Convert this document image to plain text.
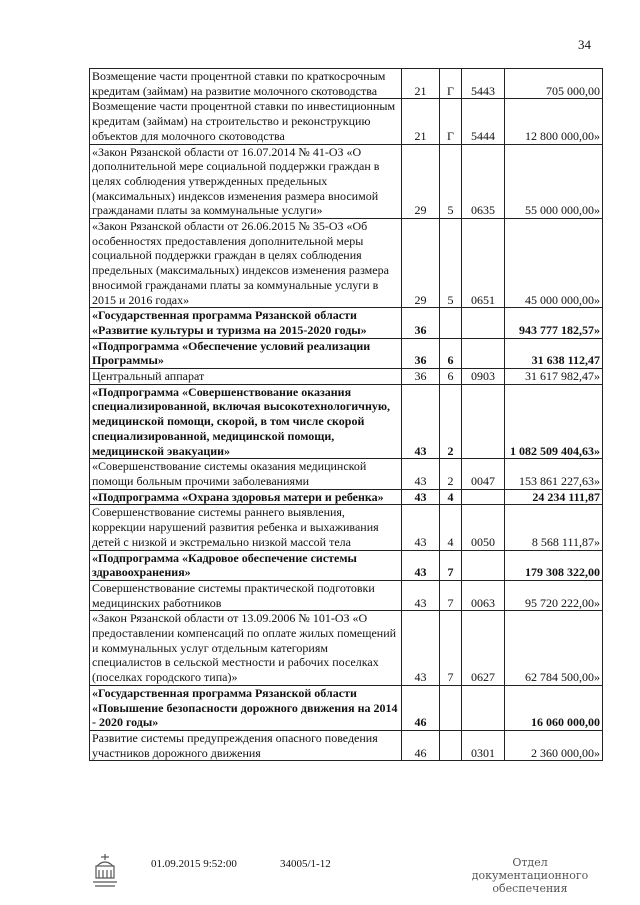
34
Возмещение части процентной ставки по краткосрочным кредитам (займам) на развитие молочного скотоводства	21	Г	5443	705 000,00
Возмещение части процентной ставки по инвестиционным кредитам (займам) на строительство и реконструкцию объектов для молочного скотоводства	21	Г	5444	12 800 000,00»
«Закон Рязанской области от 16.07.2014 № 41-ОЗ «О дополнительной мере социальной поддержки граждан в целях соблюдения утвержденных предельных (максимальных) индексов изменения размера вносимой гражданами платы за коммунальные услуги»	29	5	0635	55 000 000,00»
«Закон Рязанской области от 26.06.2015 № 35-ОЗ «Об особенностях предоставления дополнительной меры социальной поддержки граждан в целях соблюдения предельных (максимальных) индексов изменения размера вносимой гражданами платы за коммунальные услуги в 2015 и 2016 годах»	29	5	0651	45 000 000,00»
«Государственная программа Рязанской области «Развитие культуры и туризма на 2015-2020 годы»	36			943 777 182,57»
«Подпрограмма «Обеспечение условий реализации Программы»	36	6		31 638 112,47
Центральный аппарат	36	6	0903	31 617 982,47»
«Подпрограмма «Совершенствование оказания специализированной, включая высокотехнологичную, медицинской помощи, скорой, в том числе скорой специализированной, медицинской помощи, медицинской эвакуации»	43	2		1 082 509 404,63»
«Совершенствование системы оказания медицинской помощи больным прочими заболеваниями	43	2	0047	153 861 227,63»
«Подпрограмма «Охрана здоровья матери и ребенка»	43	4		24 234 111,87
Совершенствование системы раннего выявления, коррекции нарушений развития ребенка и выхаживания детей с низкой и экстремально низкой массой тела	43	4	0050	8 568 111,87»
«Подпрограмма «Кадровое обеспечение системы здравоохранения»	43	7		179 308 322,00
Совершенствование системы практической подготовки медицинских работников	43	7	0063	95 720 222,00»
«Закон Рязанской области от 13.09.2006 № 101-ОЗ «О предоставлении компенсаций по оплате жилых помещений и коммунальных услуг отдельным категориям специалистов в сельской местности и рабочих поселках (поселках городского типа)»	43	7	0627	62 784 500,00»
«Государственная программа Рязанской области «Повышение безопасности дорожного движения на 2014 - 2020 годы»	46			16 060 000,00
Развитие системы предупреждения опасного поведения участников дорожного движения	46		0301	2 360 000,00»
01.09.2015 9:52:00	34005/1-12	Отдел документационного
обеспечения
